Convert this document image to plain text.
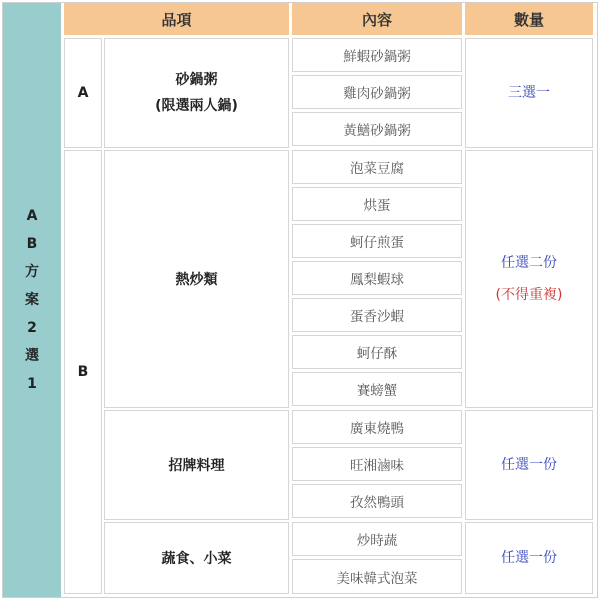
AB方案2選1
品項	內容	數量
A
砂鍋粥
(限選兩人鍋)
鮮蝦砂鍋粥
雞肉砂鍋粥
黃鱔砂鍋粥
三選一
B
熱炒類
泡菜豆腐
烘蛋
蚵仔煎蛋
鳳梨蝦球
蛋香沙蝦
蚵仔酥
賽螃蟹
任選二份
(不得重複)
招牌料理
廣東燒鴨
旺湘滷味
孜然鴨頭
任選一份
蔬食、小菜
炒時蔬
美味韓式泡菜
任選一份
